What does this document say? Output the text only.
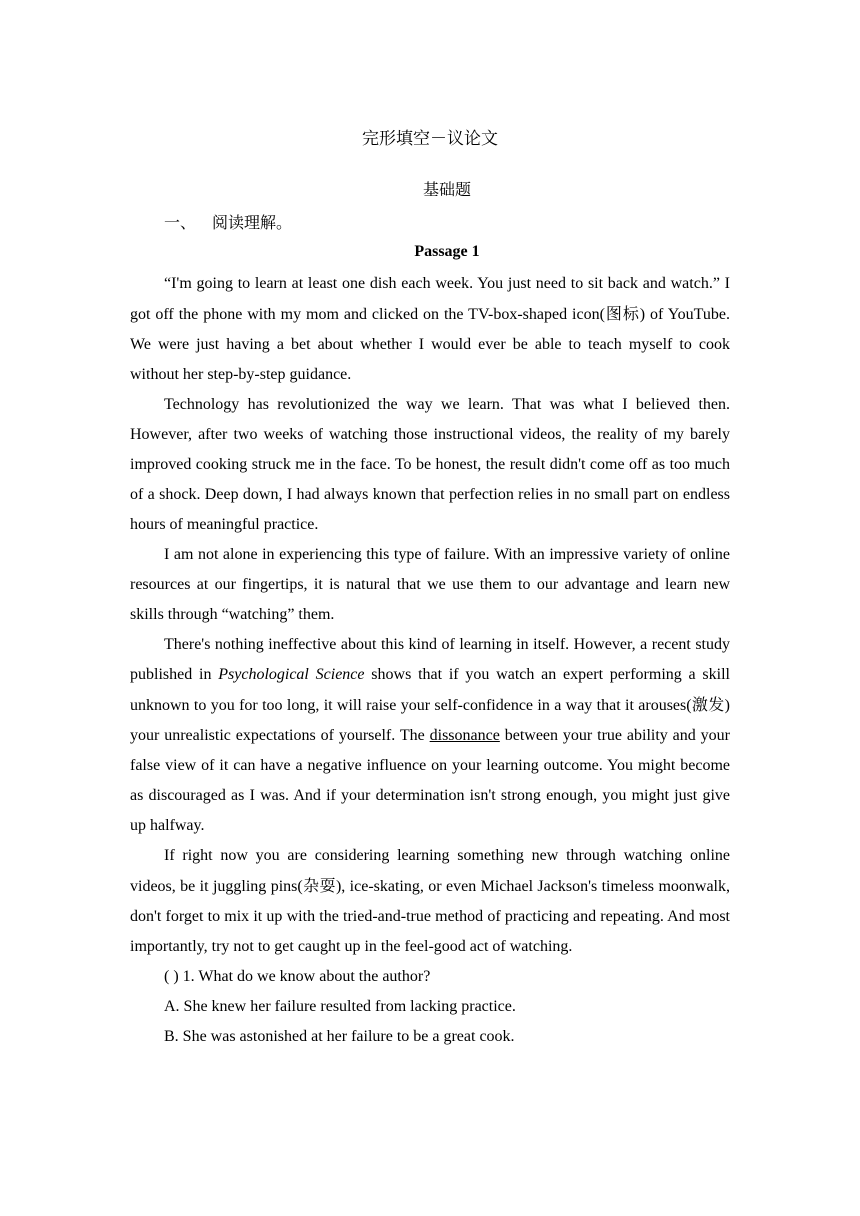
完形填空－议论文
基础题
一、 阅读理解。
Passage 1

“I'm going to learn at least one dish each week. You just need to sit back and watch.” I got off the phone with my mom and clicked on the TV-box-shaped icon(图标) of YouTube. We were just having a bet about whether I would ever be able to teach myself to cook without her step-by-step guidance.

Technology has revolutionized the way we learn. That was what I believed then. However, after two weeks of watching those instructional videos, the reality of my barely improved cooking struck me in the face. To be honest, the result didn't come off as too much of a shock. Deep down, I had always known that perfection relies in no small part on endless hours of meaningful practice.

I am not alone in experiencing this type of failure. With an impressive variety of online resources at our fingertips, it is natural that we use them to our advantage and learn new skills through “watching” them.

There's nothing ineffective about this kind of learning in itself. However, a recent study published in Psychological Science shows that if you watch an expert performing a skill unknown to you for too long, it will raise your self-confidence in a way that it arouses(激发) your unrealistic expectations of yourself. The dissonance between your true ability and your false view of it can have a negative influence on your learning outcome. You might become as discouraged as I was. And if your determination isn't strong enough, you might just give up halfway.

If right now you are considering learning something new through watching online videos, be it juggling pins(杂耍), ice-skating, or even Michael Jackson's timeless moonwalk, don't forget to mix it up with the tried-and-true method of practicing and repeating. And most importantly, try not to get caught up in the feel-good act of watching.

( ) 1. What do we know about the author?

A. She knew her failure resulted from lacking practice.

B. She was astonished at her failure to be a great cook.
